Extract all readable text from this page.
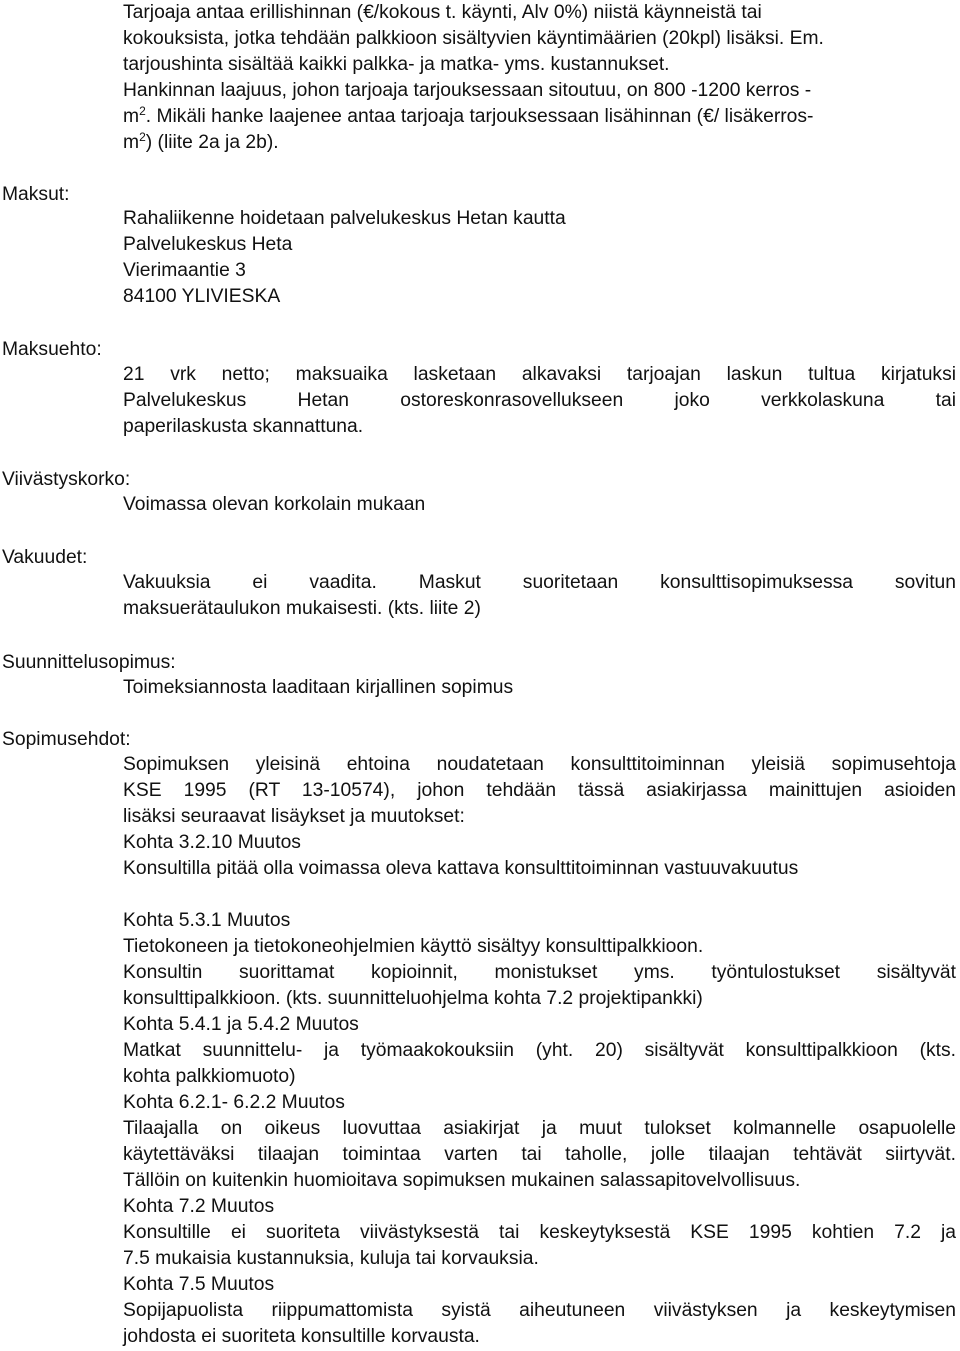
Tarjoaja antaa erillishinnan (€/kokous t. käynti, Alv 0%) niistä käynneistä tai
kokouksista, jotka tehdään palkkioon sisältyvien käyntimäärien (20kpl) lisäksi. Em.
tarjoushinta sisältää kaikki palkka- ja matka- yms. kustannukset.
Hankinnan laajuus, johon tarjoaja tarjouksessaan sitoutuu, on 800 -1200 kerros -
$m^2$. Mikäli hanke laajenee antaa tarjoaja tarjouksessaan lisähinnan (€/ lisäkerros-
$m^2$) (liite 2a ja 2b).
Maksut:
Rahaliikenne hoidetaan palvelukeskus Hetan kautta
Palvelukeskus Heta
Vierimaantie 3
84100 YLIVIESKA
Maksuehto:
21 vrk netto; maksuaika lasketaan alkavaksi tarjoajan laskun tultua kirjatuksi
Palvelukeskus Hetan ostoreskonrasovellukseen joko verkkolaskuna tai
paperilaskusta skannattuna.
Viivästyskorko:
Voimassa olevan korkolain mukaan
Vakuudet:
Vakuuksia ei vaadita. Maskut suoritetaan konsulttisopimuksessa sovitun
maksuerätaulukon mukaisesti. (kts. liite 2)
Suunnittelusopimus:
Toimeksiannosta laaditaan kirjallinen sopimus
Sopimusehdot:
Sopimuksen yleisinä ehtoina noudatetaan konsulttitoiminnan yleisiä sopimusehtoja
KSE 1995 (RT 13-10574), johon tehdään tässä asiakirjassa mainittujen asioiden
lisäksi seuraavat lisäykset ja muutokset:
Kohta 3.2.10 Muutos
Konsultilla pitää olla voimassa oleva kattava konsulttitoiminnan vastuuvakuutus
Kohta 5.3.1 Muutos
Tietokoneen ja tietokoneohjelmien käyttö sisältyy konsulttipalkkioon.
Konsultin suorittamat kopioinnit, monistukset yms. työntulostukset sisältyvät
konsulttipalkkioon. (kts. suunnitteluohjelma kohta 7.2 projektipankki)
Kohta 5.4.1 ja 5.4.2 Muutos
Matkat suunnittelu- ja työmaakokouksiin (yht. 20) sisältyvät konsulttipalkkioon (kts.
kohta palkkiomuoto)
Kohta 6.2.1- 6.2.2 Muutos
Tilaajalla on oikeus luovuttaa asiakirjat ja muut tulokset kolmannelle osapuolelle
käytettäväksi tilaajan toimintaa varten tai taholle, jolle tilaajan tehtävät siirtyvät.
Tällöin on kuitenkin huomioitava sopimuksen mukainen salassapitovelvollisuus.
Kohta 7.2 Muutos
Konsultille ei suoriteta viivästyksestä tai keskeytyksestä KSE 1995 kohtien 7.2 ja
7.5 mukaisia kustannuksia, kuluja tai korvauksia.
Kohta 7.5 Muutos
Sopijapuolista riippumattomista syistä aiheutuneen viivästyksen ja keskeytymisen
johdosta ei suoriteta konsultille korvausta.
